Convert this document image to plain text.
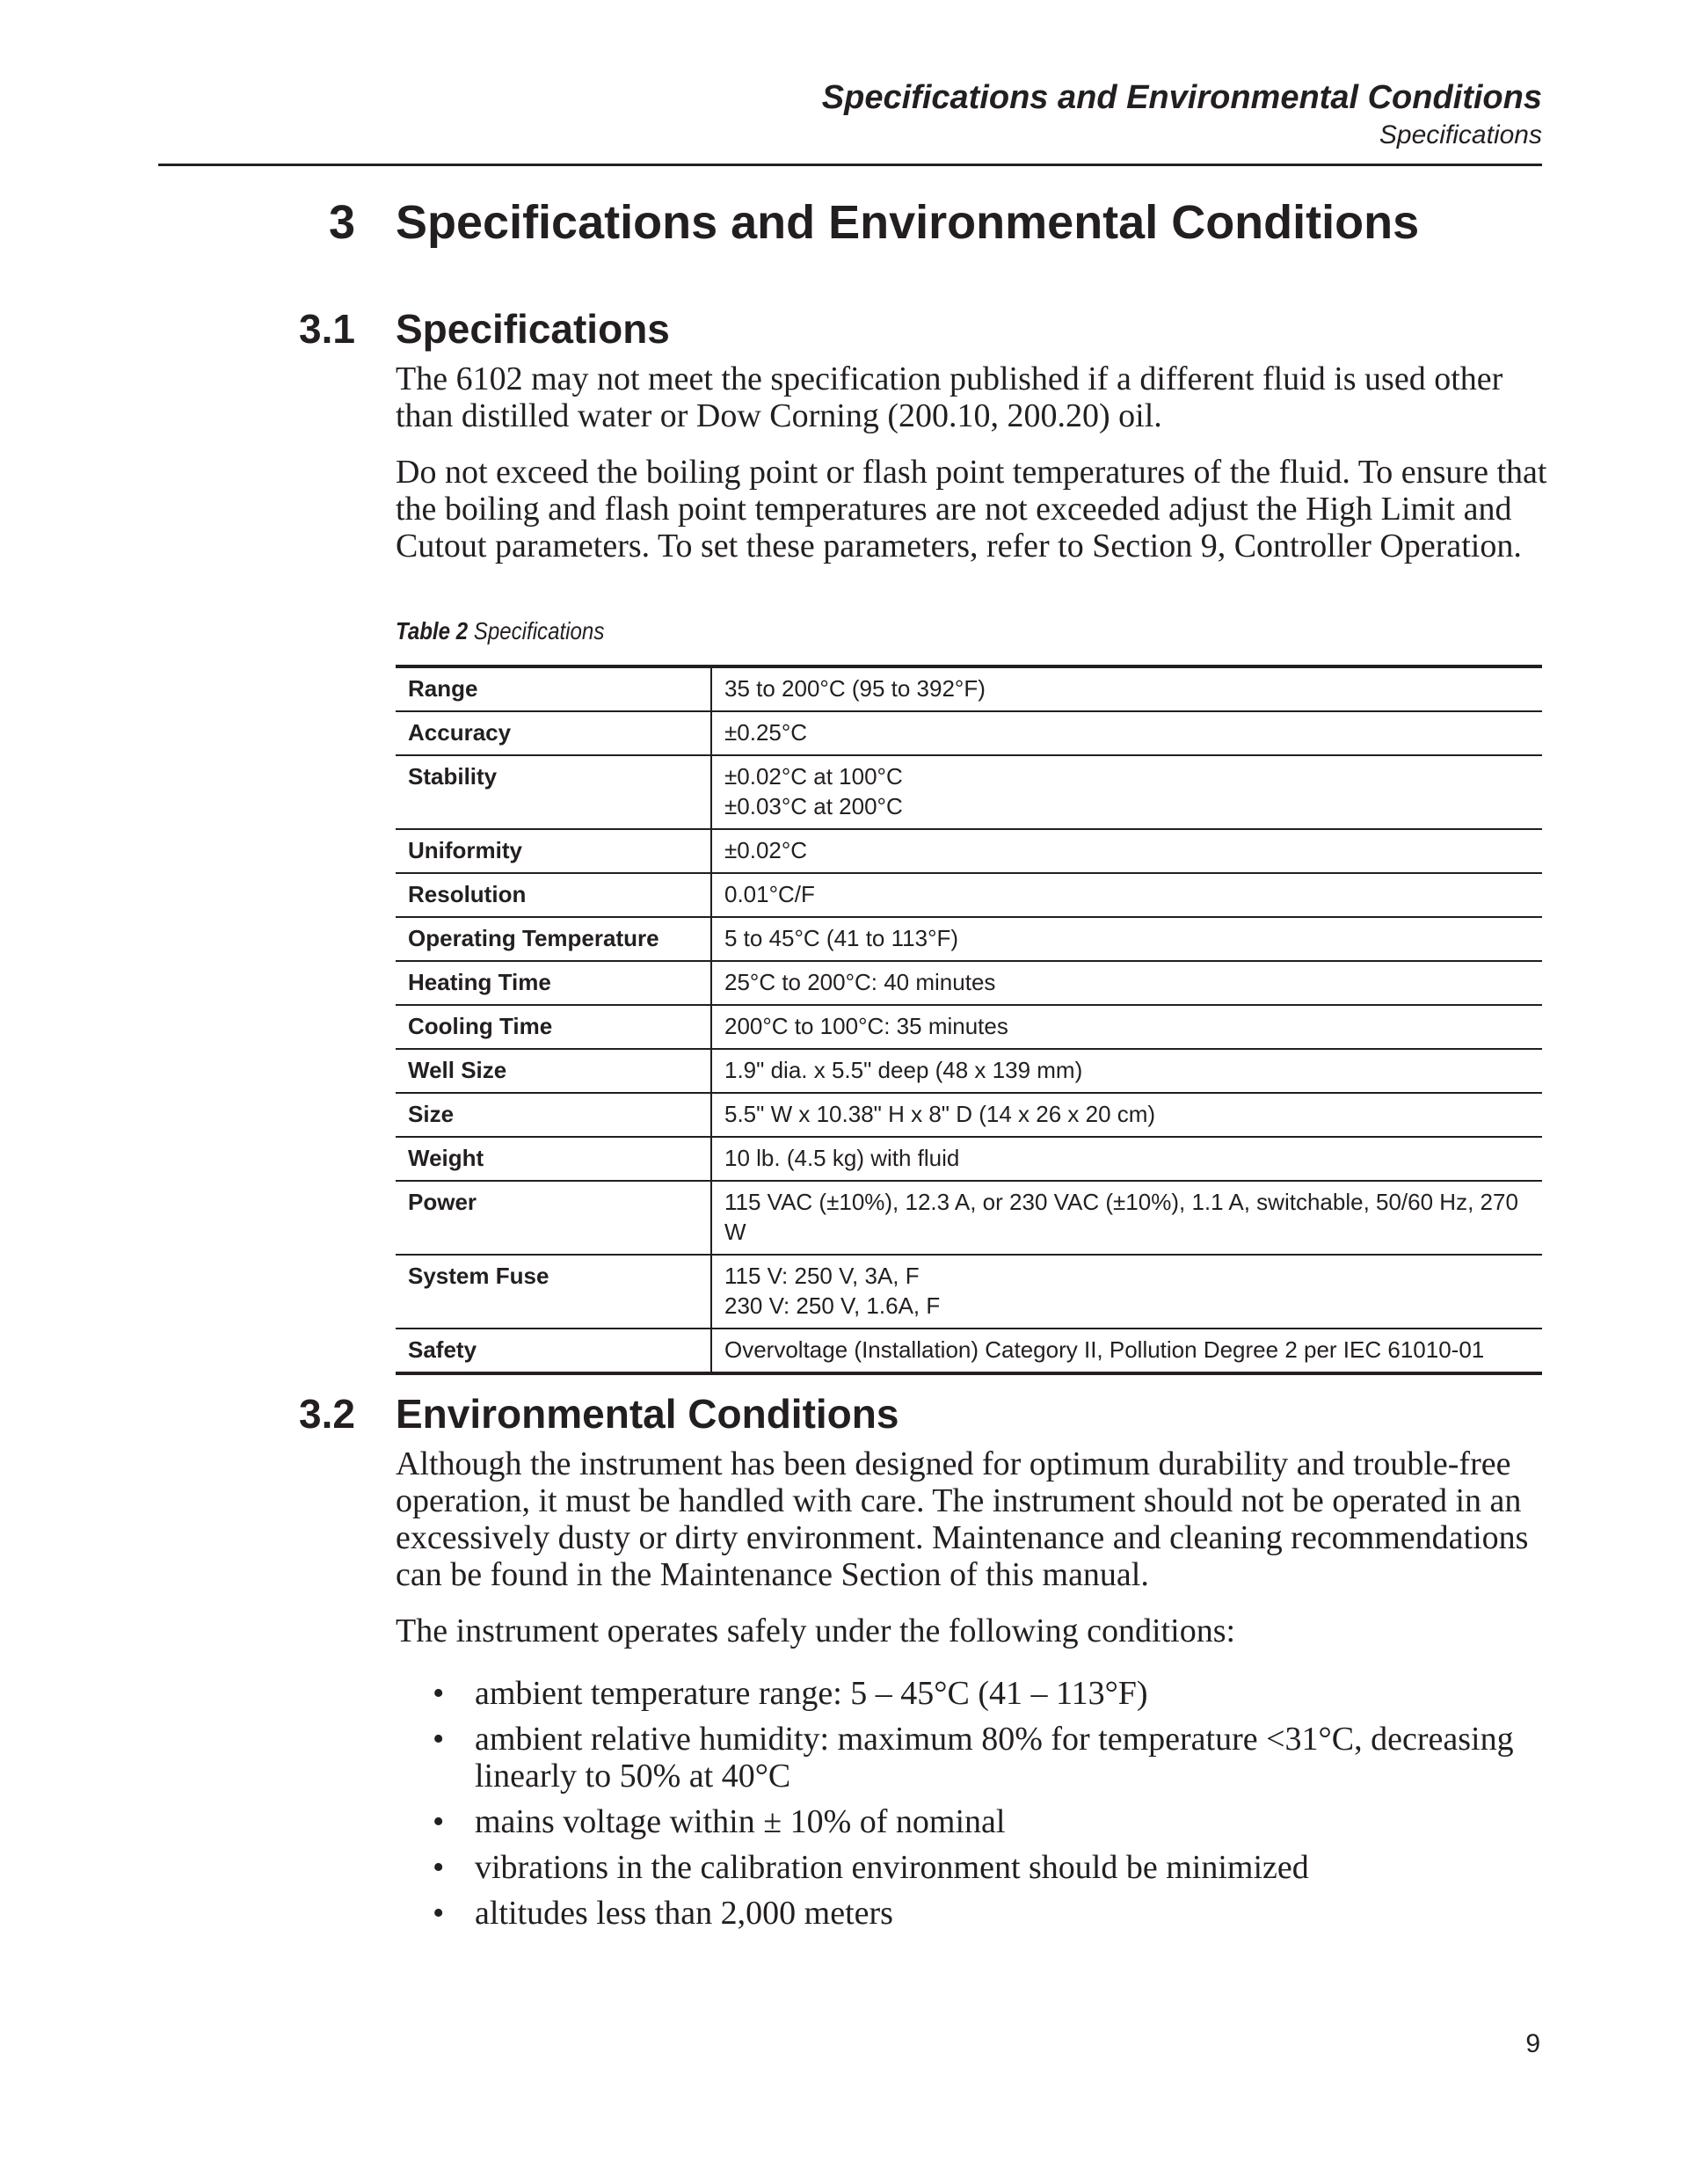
Specifications and Environmental Conditions
Specifications
3 Specifications and Environmental Conditions
3.1 Specifications

The 6102 may not meet the specification published if a different fluid is used other than distilled water or Dow Corning (200.10, 200.20) oil.

Do not exceed the boiling point or flash point temperatures of the fluid. To ensure that the boiling and flash point temperatures are not exceeded adjust the High Limit and Cutout parameters. To set these parameters, refer to Section 9, Controller Operation.

Table 2 Specifications
Range	35 to 200°C (95 to 392°F)

Accuracy	±0.25°C

Stability	±0.02°C at 100°C
±0.03°C at 200°C

Uniformity	±0.02°C

Resolution	0.01°C/F

Operating Temperature	5 to 45°C (41 to 113°F)

Heating Time	25°C to 200°C: 40 minutes

Cooling Time	200°C to 100°C: 35 minutes

Well Size	1.9" dia. x 5.5" deep (48 x 139 mm)

Size	5.5" W x 10.38" H x 8" D (14 x 26 x 20 cm)

Weight	10 lb. (4.5 kg) with fluid

Power	115 VAC (±10%), 12.3 A, or 230 VAC (±10%), 1.1 A, switchable, 50/60 Hz, 270 W

System Fuse	115 V: 250 V, 3A, F
230 V: 250 V, 1.6A, F

Safety	Overvoltage (Installation) Category II, Pollution Degree 2 per IEC 61010-01
3.2 Environmental Conditions

Although the instrument has been designed for optimum durability and trouble-free operation, it must be handled with care. The instrument should not be operated in an excessively dusty or dirty environment. Maintenance and cleaning recommendations can be found in the Maintenance Section of this manual.

The instrument operates safely under the following conditions:

• ambient temperature range: 5 – 45°C (41 – 113°F)
• ambient relative humidity: maximum 80% for temperature <31°C, decreasing linearly to 50% at 40°C
• mains voltage within ± 10% of nominal
• vibrations in the calibration environment should be minimized
• altitudes less than 2,000 meters
9
